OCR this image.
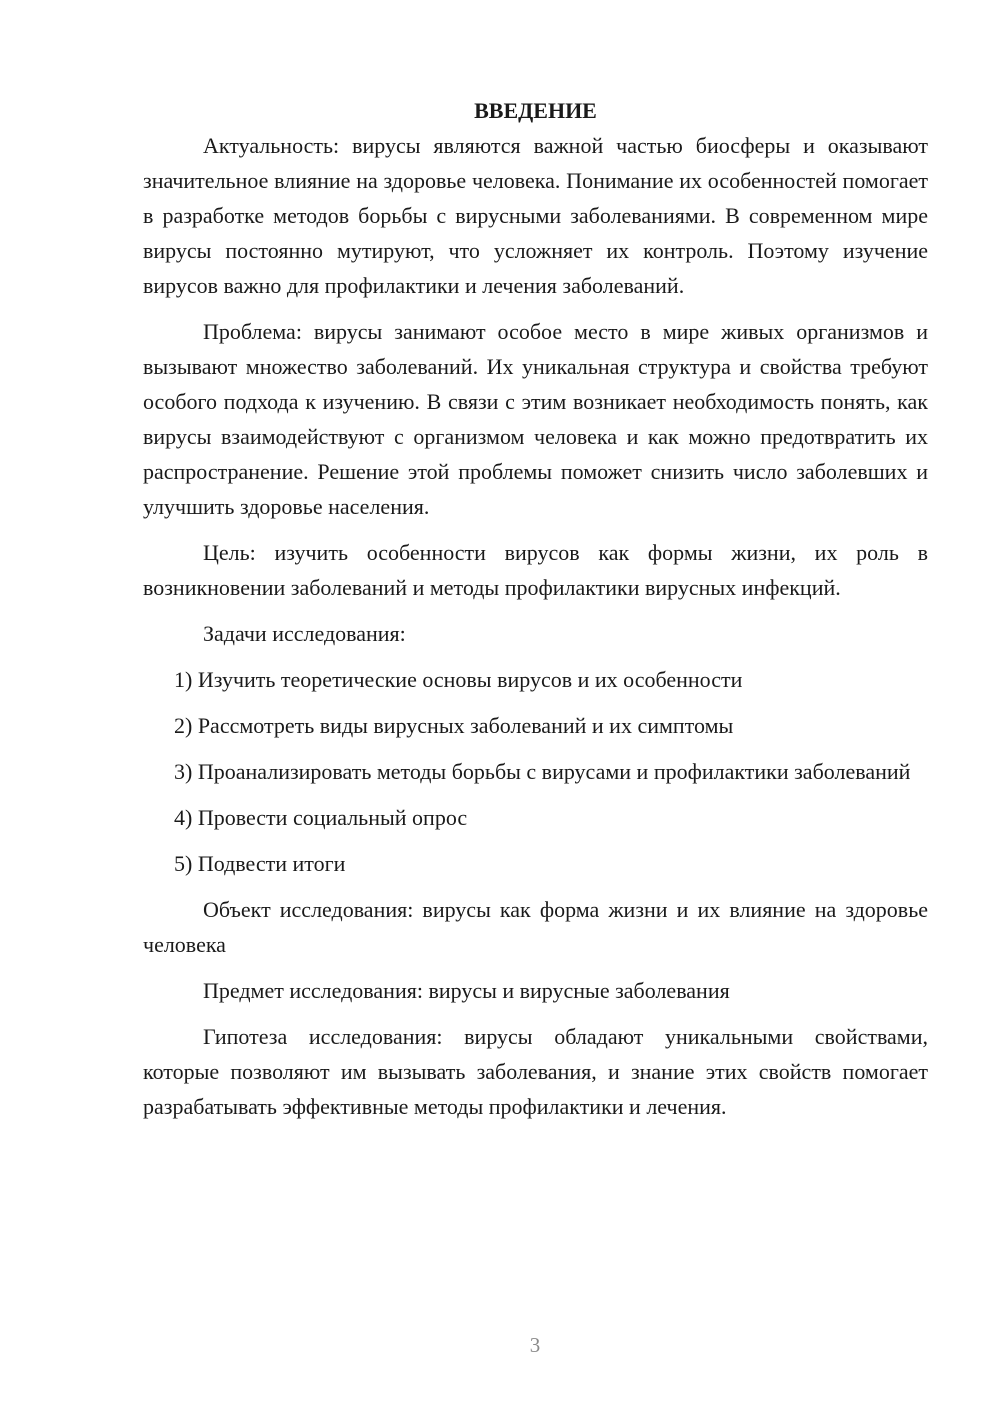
ВВЕДЕНИЕ

Актуальность: вирусы являются важной частью биосферы и оказывают значительное влияние на здоровье человека. Понимание их особенностей помогает в разработке методов борьбы с вирусными заболеваниями. В современном мире вирусы постоянно мутируют, что усложняет их контроль. Поэтому изучение вирусов важно для профилактики и лечения заболеваний.

Проблема: вирусы занимают особое место в мире живых организмов и вызывают множество заболеваний. Их уникальная структура и свойства требуют особого подхода к изучению. В связи с этим возникает необходимость понять, как вирусы взаимодействуют с организмом человека и как можно предотвратить их распространение. Решение этой проблемы поможет снизить число заболевших и улучшить здоровье населения.

Цель: изучить особенности вирусов как формы жизни, их роль в возникновении заболеваний и методы профилактики вирусных инфекций.

Задачи исследования:

1) Изучить теоретические основы вирусов и их особенности

2) Рассмотреть виды вирусных заболеваний и их симптомы

3) Проанализировать методы борьбы с вирусами и профилактики заболеваний

4) Провести социальный опрос

5) Подвести итоги

Объект исследования: вирусы как форма жизни и их влияние на здоровье человека

Предмет исследования: вирусы и вирусные заболевания

Гипотеза исследования: вирусы обладают уникальными свойствами, которые позволяют им вызывать заболевания, и знание этих свойств помогает разрабатывать эффективные методы профилактики и лечения.

3
